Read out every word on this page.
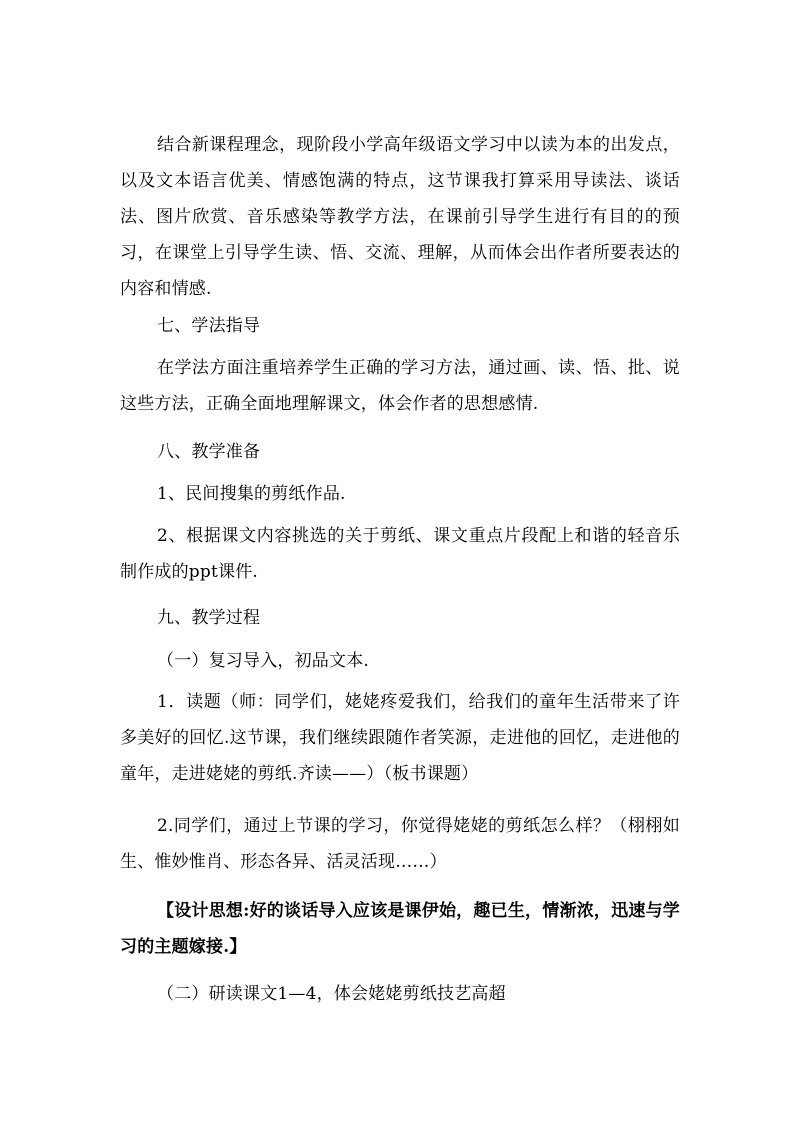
结合新课程理念，现阶段小学高年级语文学习中以读为本的出发点，以及文本语言优美、情感饱满的特点，这节课我打算采用导读法、谈话法、图片欣赏、音乐感染等教学方法，在课前引导学生进行有目的的预习，在课堂上引导学生读、悟、交流、理解，从而体会出作者所要表达的内容和情感.

七、学法指导

在学法方面注重培养学生正确的学习方法，通过画、读、悟、批、说这些方法，正确全面地理解课文，体会作者的思想感情.

八、教学准备

1、民间搜集的剪纸作品.

2、根据课文内容挑选的关于剪纸、课文重点片段配上和谐的轻音乐制作成的ppt课件.

九、教学过程

（一）复习导入，初品文本.

1．读题（师：同学们，姥姥疼爱我们，给我们的童年生活带来了许多美好的回忆.这节课，我们继续跟随作者笑源，走进他的回忆，走进他的童年，走进姥姥的剪纸.齐读——）（板书课题）

2.同学们，通过上节课的学习，你觉得姥姥的剪纸怎么样？（栩栩如生、惟妙惟肖、形态各异、活灵活现……）

【设计思想:好的谈话导入应该是课伊始，趣已生，情渐浓，迅速与学习的主题嫁接.】

（二）研读课文1—4，体会姥姥剪纸技艺高超
